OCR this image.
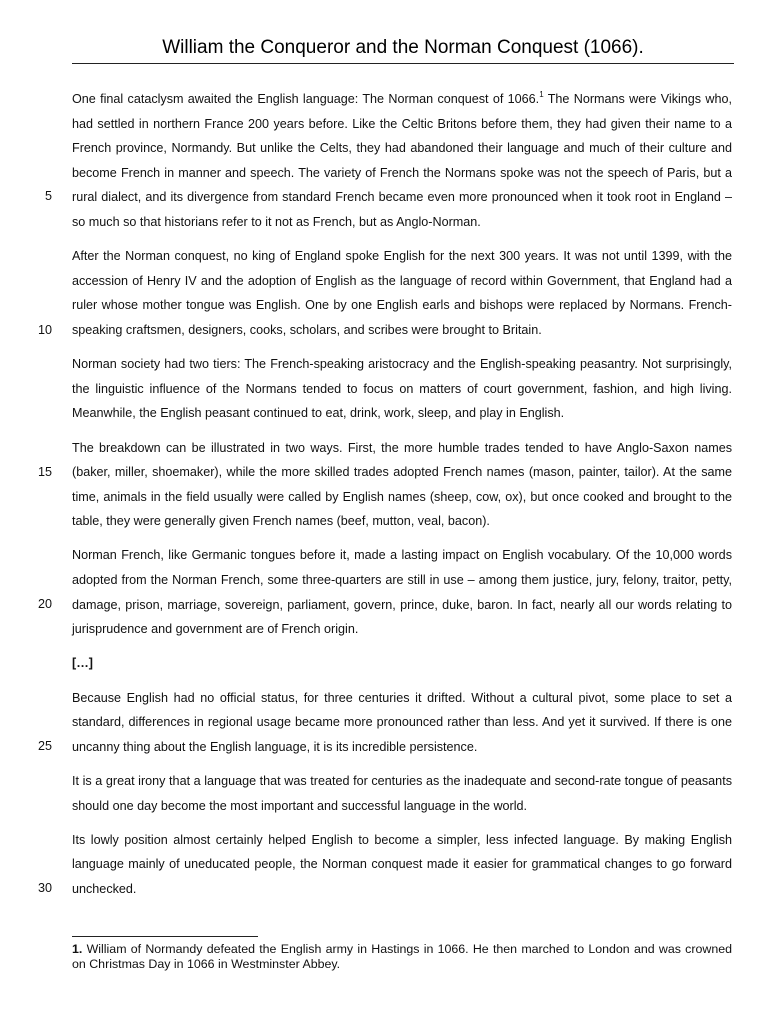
William the Conqueror and the Norman Conquest (1066).
5
10
15
20
25
30

One final cataclysm awaited the English language: The Norman conquest of 1066.$^1$ The Normans were Vikings who, had settled in northern France 200 years before. Like the Celtic Britons before them, they had given their name to a French province, Normandy. But unlike the Celts, they had abandoned their language and much of their culture and become French in manner and speech. The variety of French the Normans spoke was not the speech of Paris, but a rural dialect, and its divergence from standard French became even more pronounced when it took root in England – so much so that historians refer to it not as French, but as Anglo-Norman.

After the Norman conquest, no king of England spoke English for the next 300 years. It was not until 1399, with the accession of Henry IV and the adoption of English as the language of record within Government, that England had a ruler whose mother tongue was English. One by one English earls and bishops were replaced by Normans. French-speaking craftsmen, designers, cooks, scholars, and scribes were brought to Britain.

Norman society had two tiers: The French-speaking aristocracy and the English-speaking peasantry. Not surprisingly, the linguistic influence of the Normans tended to focus on matters of court government, fashion, and high living. Meanwhile, the English peasant continued to eat, drink, work, sleep, and play in English.

The breakdown can be illustrated in two ways. First, the more humble trades tended to have Anglo-Saxon names (baker, miller, shoemaker), while the more skilled trades adopted French names (mason, painter, tailor). At the same time, animals in the field usually were called by English names (sheep, cow, ox), but once cooked and brought to the table, they were generally given French names (beef, mutton, veal, bacon).

Norman French, like Germanic tongues before it, made a lasting impact on English vocabulary. Of the 10,000 words adopted from the Norman French, some three-quarters are still in use – among them justice, jury, felony, traitor, petty, damage, prison, marriage, sovereign, parliament, govern, prince, duke, baron. In fact, nearly all our words relating to jurisprudence and government are of French origin.

[…]

Because English had no official status, for three centuries it drifted. Without a cultural pivot, some place to set a standard, differences in regional usage became more pronounced rather than less. And yet it survived. If there is one uncanny thing about the English language, it is its incredible persistence.

It is a great irony that a language that was treated for centuries as the inadequate and second-rate tongue of peasants should one day become the most important and successful language in the world.

Its lowly position almost certainly helped English to become a simpler, less infected language. By making English language mainly of uneducated people, the Norman conquest made it easier for grammatical changes to go forward unchecked.

1. William of Normandy defeated the English army in Hastings in 1066. He then marched to London and was crowned on Christmas Day in 1066 in Westminster Abbey.
